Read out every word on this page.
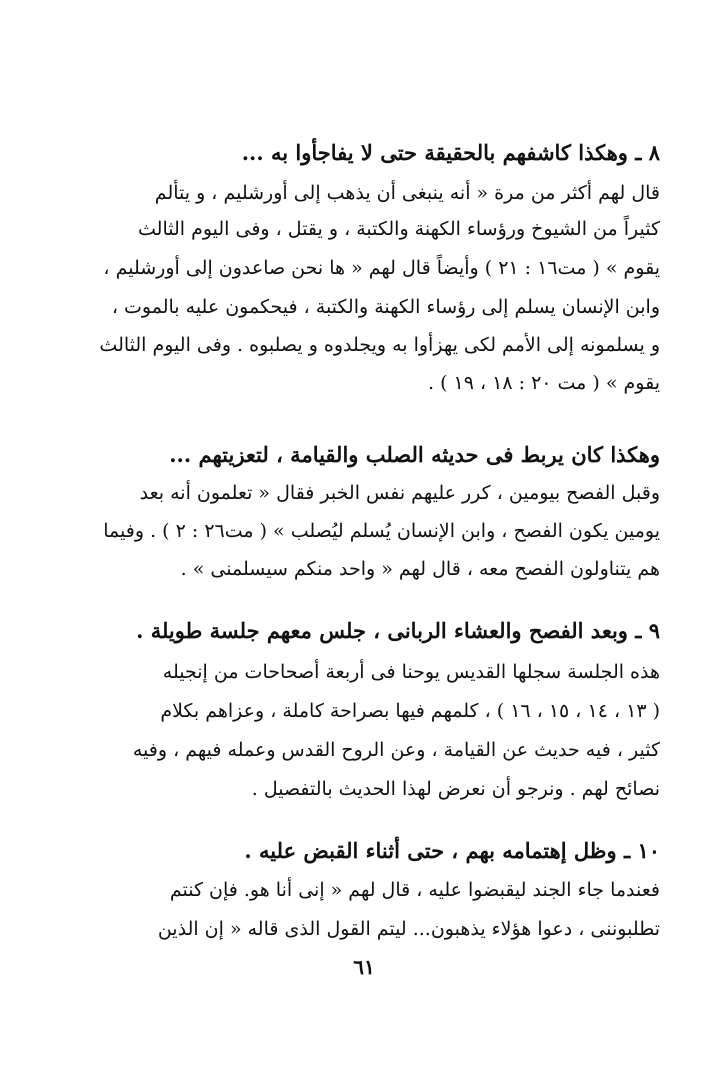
٨ ـ وهكذا كاشفهم بالحقيقة حتى لا يفاجأوا به ...
قال لهم أكثر من مرة « أنه ينبغى أن يذهب إلى أورشليم ، و يتألم
كثيراً من الشيوخ ورؤساء الكهنة والكتبة ، و يقتل ، وفى اليوم الثالث
يقوم » ( مت١٦ : ٢١ ) وأيضاً قال لهم « ها نحن صاعدون إلى أورشليم ،
وابن الإنسان يسلم إلى رؤساء الكهنة والكتبة ، فيحكمون عليه بالموت ،
و يسلمونه إلى الأمم لكى يهزأوا به ويجلدوه و يصلبوه . وفى اليوم الثالث
يقوم » ( مت ٢٠ : ١٨ ، ١٩ ) .
وهكذا كان يربط فى حديثه الصلب والقيامة ، لتعزيتهم ...
وقبل الفصح بيومين ، كرر عليهم نفس الخبر فقال « تعلمون أنه بعد
يومين يكون الفصح ، وابن الإنسان يُسلم ليُصلب » ( مت٢٦ : ٢ ) . وفيما
هم يتناولون الفصح معه ، قال لهم « واحد منكم سيسلمنى » .
٩ ـ وبعد الفصح والعشاء الربانى ، جلس معهم جلسة طويلة .
هذه الجلسة سجلها القديس يوحنا فى أربعة أصحاحات من إنجيله
( ١٣ ، ١٤ ، ١٥ ، ١٦ ) ، كلمهم فيها بصراحة كاملة ، وعزاهم بكلام
كثير ، فيه حديث عن القيامة ، وعن الروح القدس وعمله فيهم ، وفيه
نصائح لهم . ونرجو أن نعرض لهذا الحديث بالتفصيل .
١٠ ـ وظل إهتمامه بهم ، حتى أثناء القبض عليه .
فعندما جاء الجند ليقبضوا عليه ، قال لهم « إنى أنا هو. فإن كنتم
تطلبوننى ، دعوا هؤلاء يذهبون... ليتم القول الذى قاله « إن الذين
٦١
